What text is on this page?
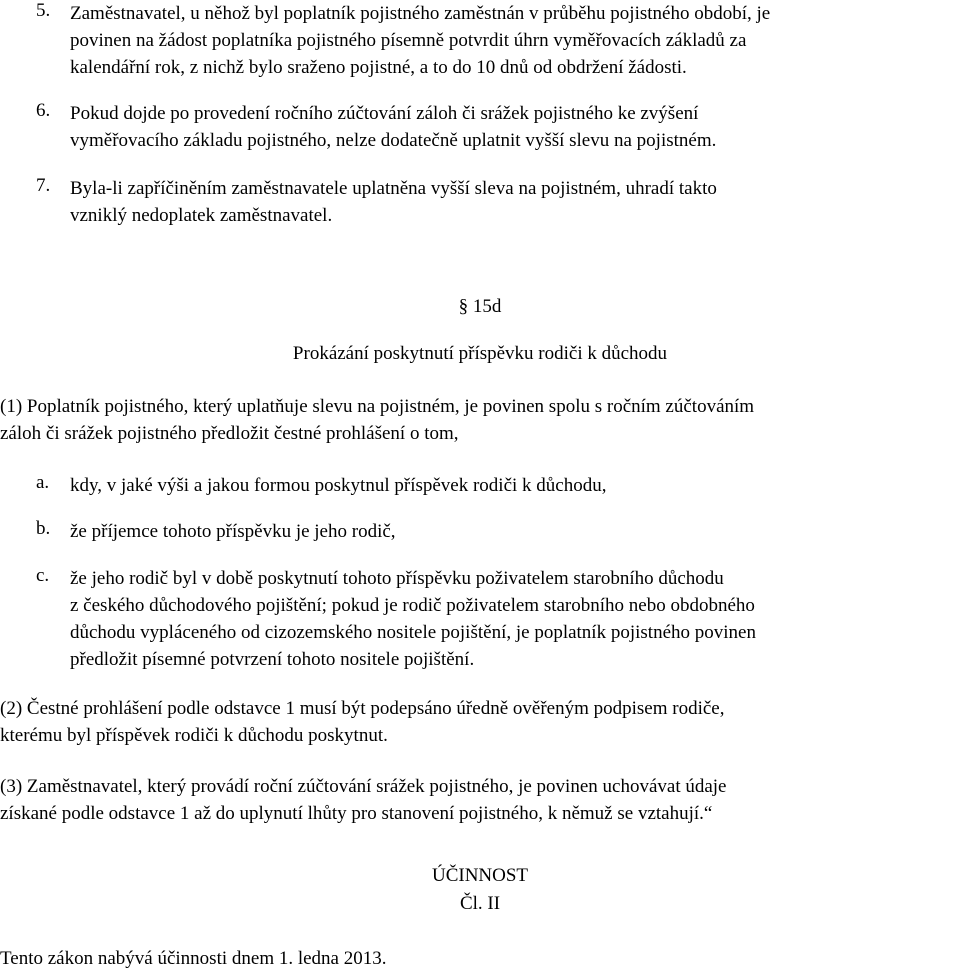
5. Zaměstnavatel, u něhož byl poplatník pojistného zaměstnán v průběhu pojistného období, je
povinen na žádost poplatníka pojistného písemně potvrdit úhrn vyměřovacích základů za
kalendářní rok, z nichž bylo sraženo pojistné, a to do 10 dnů od obdržení žádosti.
6. Pokud dojde po provedení ročního zúčtování záloh či srážek pojistného ke zvýšení
vyměřovacího základu pojistného, nelze dodatečně uplatnit vyšší slevu na pojistném.
7. Byla-li zapříčiněním zaměstnavatele uplatněna vyšší sleva na pojistném, uhradí takto
vzniklý nedoplatek zaměstnavatel.
§ 15d
Prokázání poskytnutí příspěvku rodiči k důchodu
(1) Poplatník pojistného, který uplatňuje slevu na pojistném, je povinen spolu s ročním zúčtováním
záloh či srážek pojistného předložit čestné prohlášení o tom,
a. kdy, v jaké výši a jakou formou poskytnul příspěvek rodiči k důchodu,
b. že příjemce tohoto příspěvku je jeho rodič,
c. že jeho rodič byl v době poskytnutí tohoto příspěvku poživatelem starobního důchodu
z českého důchodového pojištění; pokud je rodič poživatelem starobního nebo obdobného
důchodu vypláceného od cizozemského nositele pojištění, je poplatník pojistného povinen
předložit písemné potvrzení tohoto nositele pojištění.
(2) Čestné prohlášení podle odstavce 1 musí být podepsáno úředně ověřeným podpisem rodiče,
kterému byl příspěvek rodiči k důchodu poskytnut.
(3) Zaměstnavatel, který provádí roční zúčtování srážek pojistného, je povinen uchovávat údaje
získané podle odstavce 1 až do uplynutí lhůty pro stanovení pojistného, k němuž se vztahují.“
ÚČINNOST
Čl. II
Tento zákon nabývá účinnosti dnem 1. ledna 2013.
